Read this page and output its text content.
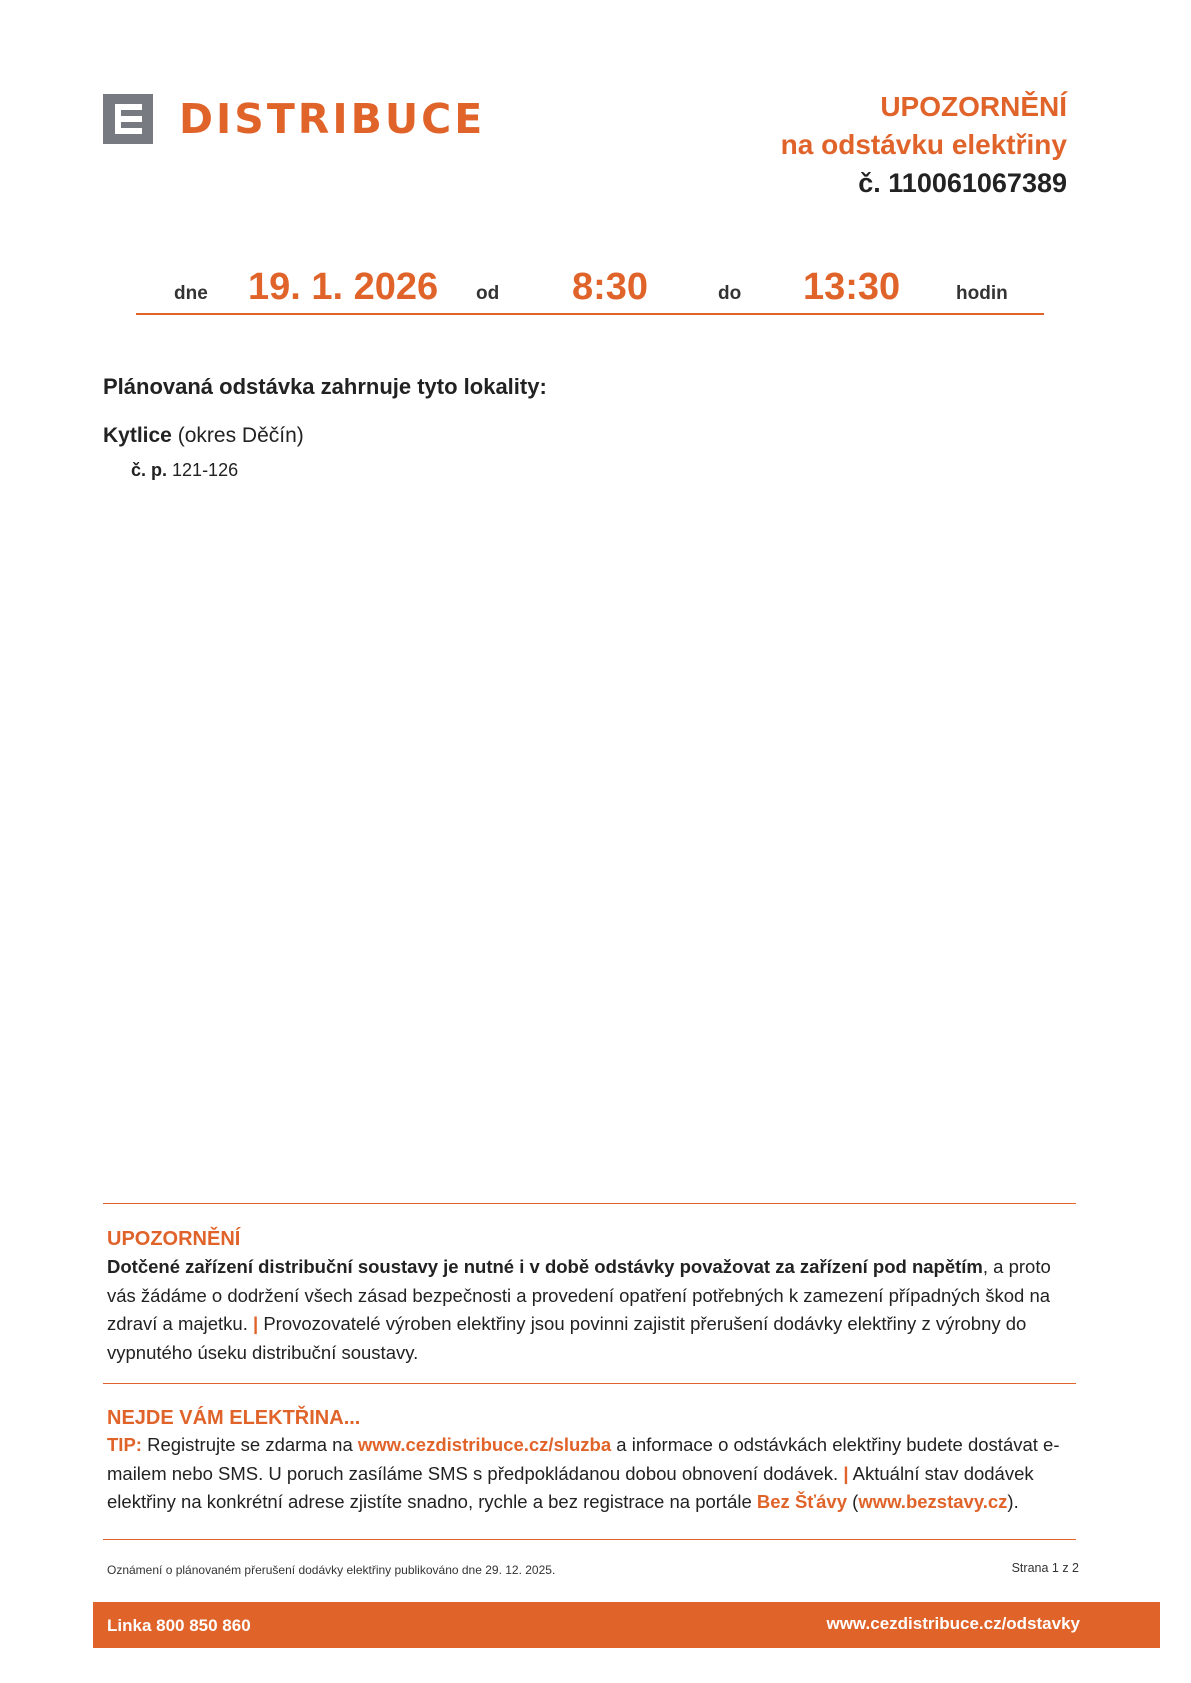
DISTRIBUCE	UPOZORNĚNÍ
na odstávku elektřiny
č. 110061067389
dne 19. 1. 2026 od 8:30	do 13:30	hodin
Plánovaná odstávka zahrnuje tyto lokality:
Kytlice (okres Děčín)
č. p. 121-126
UPOZORNĚNÍ
Dotčené zařízení distribuční soustavy je nutné i v době odstávky považovat za zařízení pod napětím, a proto vás žádáme o dodržení všech zásad bezpečnosti a provedení opatření potřebných k zamezení případných škod na zdraví a majetku. | Provozovatelé výroben elektřiny jsou povinni zajistit přerušení dodávky elektřiny z výrobny do vypnutého úseku distribuční soustavy.
NEJDE VÁM ELEKTŘINA...
TIP: Registrujte se zdarma na www.cezdistribuce.cz/sluzba a informace o odstávkách elektřiny budete dostávat e-mailem nebo SMS. U poruch zasíláme SMS s předpokládanou dobou obnovení dodávek. | Aktuální stav dodávek elektřiny na konkrétní adrese zjistíte snadno, rychle a bez registrace na portále Bez Šťávy (www.bezstavy.cz).
Oznámení o plánovaném přerušení dodávky elektřiny publikováno dne 29. 12. 2025.	Strana 1 z 2
Linka 800 850 860	www.cezdistribuce.cz/odstavky
